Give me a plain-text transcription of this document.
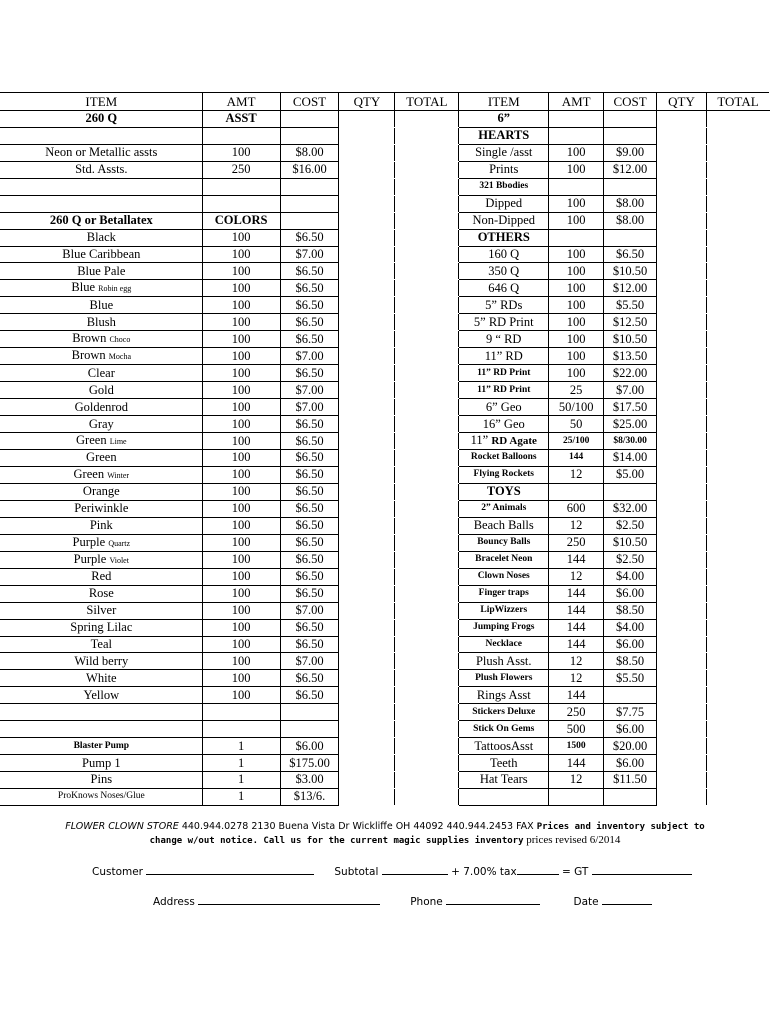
ITEM	AMT	COST	QTY	TOTAL	ITEM	AMT	COST	QTY	TOTAL
260 Q	ASST				6”				
					HEARTS				
Neon or Metallic assts	100	$8.00			Single /asst	100	$9.00		
Std. Assts.	250	$16.00			Prints	100	$12.00		
					321 Bbodies				
					Dipped	100	$8.00		
260 Q or Betallatex	COLORS				Non-Dipped	100	$8.00		
Black	100	$6.50			OTHERS				
Blue Caribbean	100	$7.00			160 Q	100	$6.50		
Blue Pale	100	$6.50			350 Q	100	$10.50		
Blue Robin egg	100	$6.50			646 Q	100	$12.00		
Blue	100	$6.50			5” RDs	100	$5.50		
Blush	100	$6.50			5” RD Print	100	$12.50		
Brown Choco	100	$6.50			9 “ RD	100	$10.50		
Brown Mocha	100	$7.00			11” RD	100	$13.50		
Clear	100	$6.50			11” RD Print	100	$22.00		
Gold	100	$7.00			11” RD Print	25	$7.00		
Goldenrod	100	$7.00			6” Geo	50/100	$17.50		
Gray	100	$6.50			16” Geo	50	$25.00		
Green Lime	100	$6.50			11” RD Agate	25/100	$8/30.00		
Green	100	$6.50			Rocket Balloons	144	$14.00		
Green Winter	100	$6.50			Flying Rockets	12	$5.00		
Orange	100	$6.50			TOYS				
Periwinkle	100	$6.50			2” Animals	600	$32.00		
Pink	100	$6.50			Beach Balls	12	$2.50		
Purple Quartz	100	$6.50			Bouncy Balls	250	$10.50		
Purple Violet	100	$6.50			Bracelet Neon	144	$2.50		
Red	100	$6.50			Clown Noses	12	$4.00		
Rose	100	$6.50			Finger traps	144	$6.00		
Silver	100	$7.00			LipWizzers	144	$8.50		
Spring Lilac	100	$6.50			Jumping Frogs	144	$4.00		
Teal	100	$6.50			Necklace	144	$6.00		
Wild berry	100	$7.00			Plush Asst.	12	$8.50		
White	100	$6.50			Plush Flowers	12	$5.50		
Yellow	100	$6.50			Rings Asst	144			
					Stickers Deluxe	250	$7.75		
					Stick On Gems	500	$6.00		
Blaster Pump	1	$6.00			TattoosAsst	1500	$20.00		
Pump 1	1	$175.00			Teeth	144	$6.00		
Pins	1	$3.00			Hat Tears	12	$11.50		
ProKnows Noses/Glue	1	$13/6.							
FLOWER CLOWN STORE 440.944.0278 2130 Buena Vista Dr Wickliffe OH 44092 440.944.2453 FAX Prices and inventory subject to
change w/out notice. Call us for the current magic supplies inventory prices revised 6/2014
Customer	Subtotal	+ 7.00% tax	= GT
Address	Phone	Date
